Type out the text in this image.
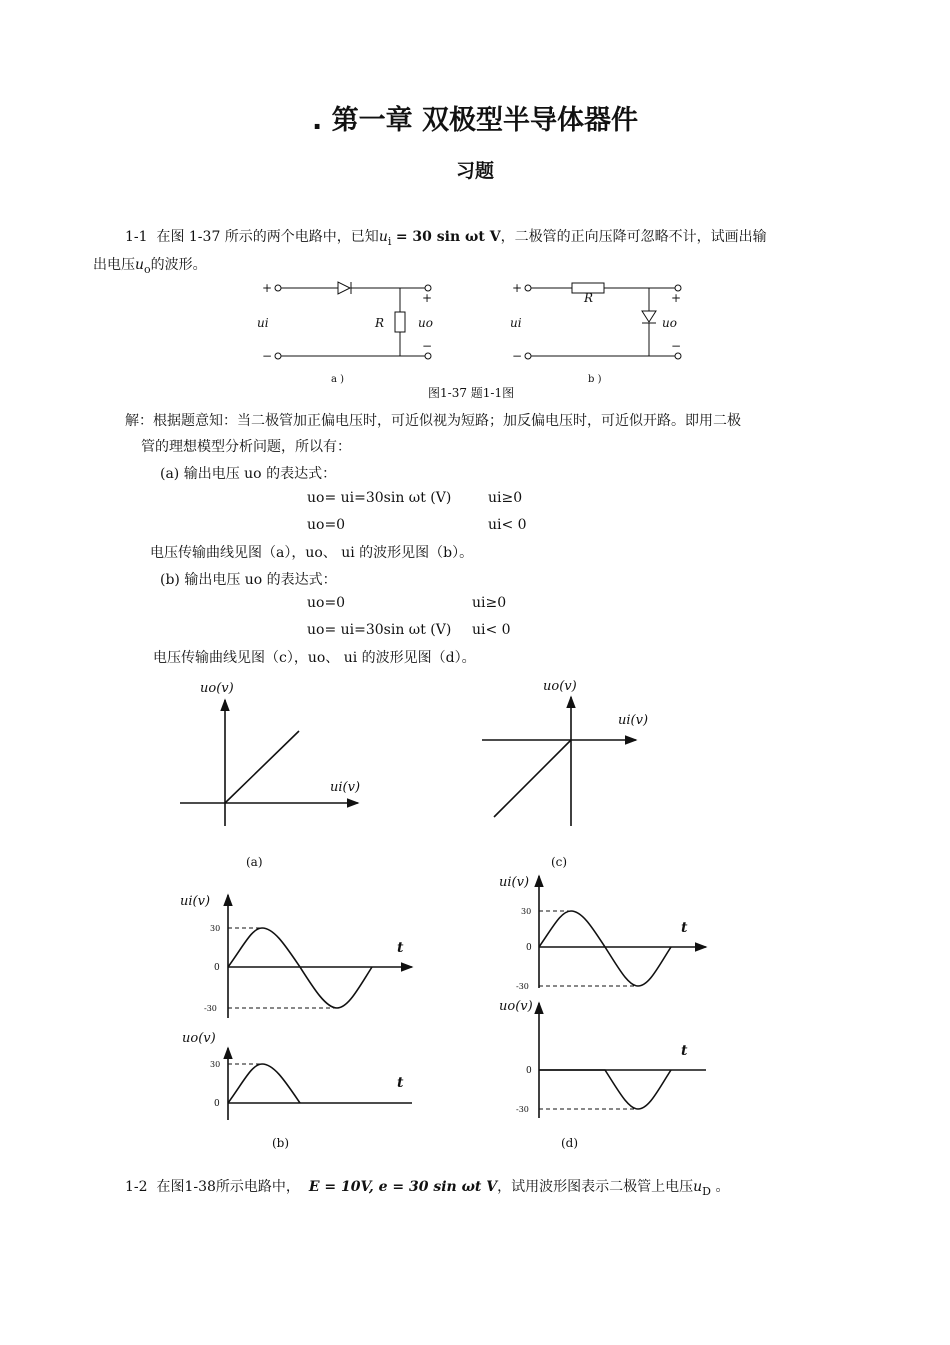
. 第一章 双极型半导体器件
习题
1-1 在图 1-37 所示的两个电路中，已知$u_i = 30$ sin ωt V，二极管的正向压降可忽略不计，试画出输
出电压$u_o$的波形。
+
−
ui	R
+
uo
−
+
−
ui
R	+
uo
−
a )	b )
图1-37 题1-1图
解：根据题意知：当二极管加正偏电压时，可近似视为短路；加反偏电压时，可近似开路。即用二极
管的理想模型分析问题，所以有：
(a) 输出电压 uo 的表达式：
uo= ui=30sin ωt (V)	ui≥0
uo=0	ui< 0
电压传输曲线见图（a），uo、 ui 的波形见图（b）。
(b) 输出电压 uo 的表达式：
uo=0	ui≥0
uo= ui=30sin ωt (V) ui< 0
电压传输曲线见图（c），uo、 ui 的波形见图（d）。
uo(v)
ui(v)
uo(v)
ui(v)
(a)	(c)
ui(v)
30
0
-30
t
uo(v)
30
0
t
(b)
ui(v)
30
0
-30
t
uo(v)
0
-30
t
(d)
1-2 在图1-38所示电路中， E = 10V, e = 30 sin ωt V，试用波形图表示二极管上电压$u_D$ 。
